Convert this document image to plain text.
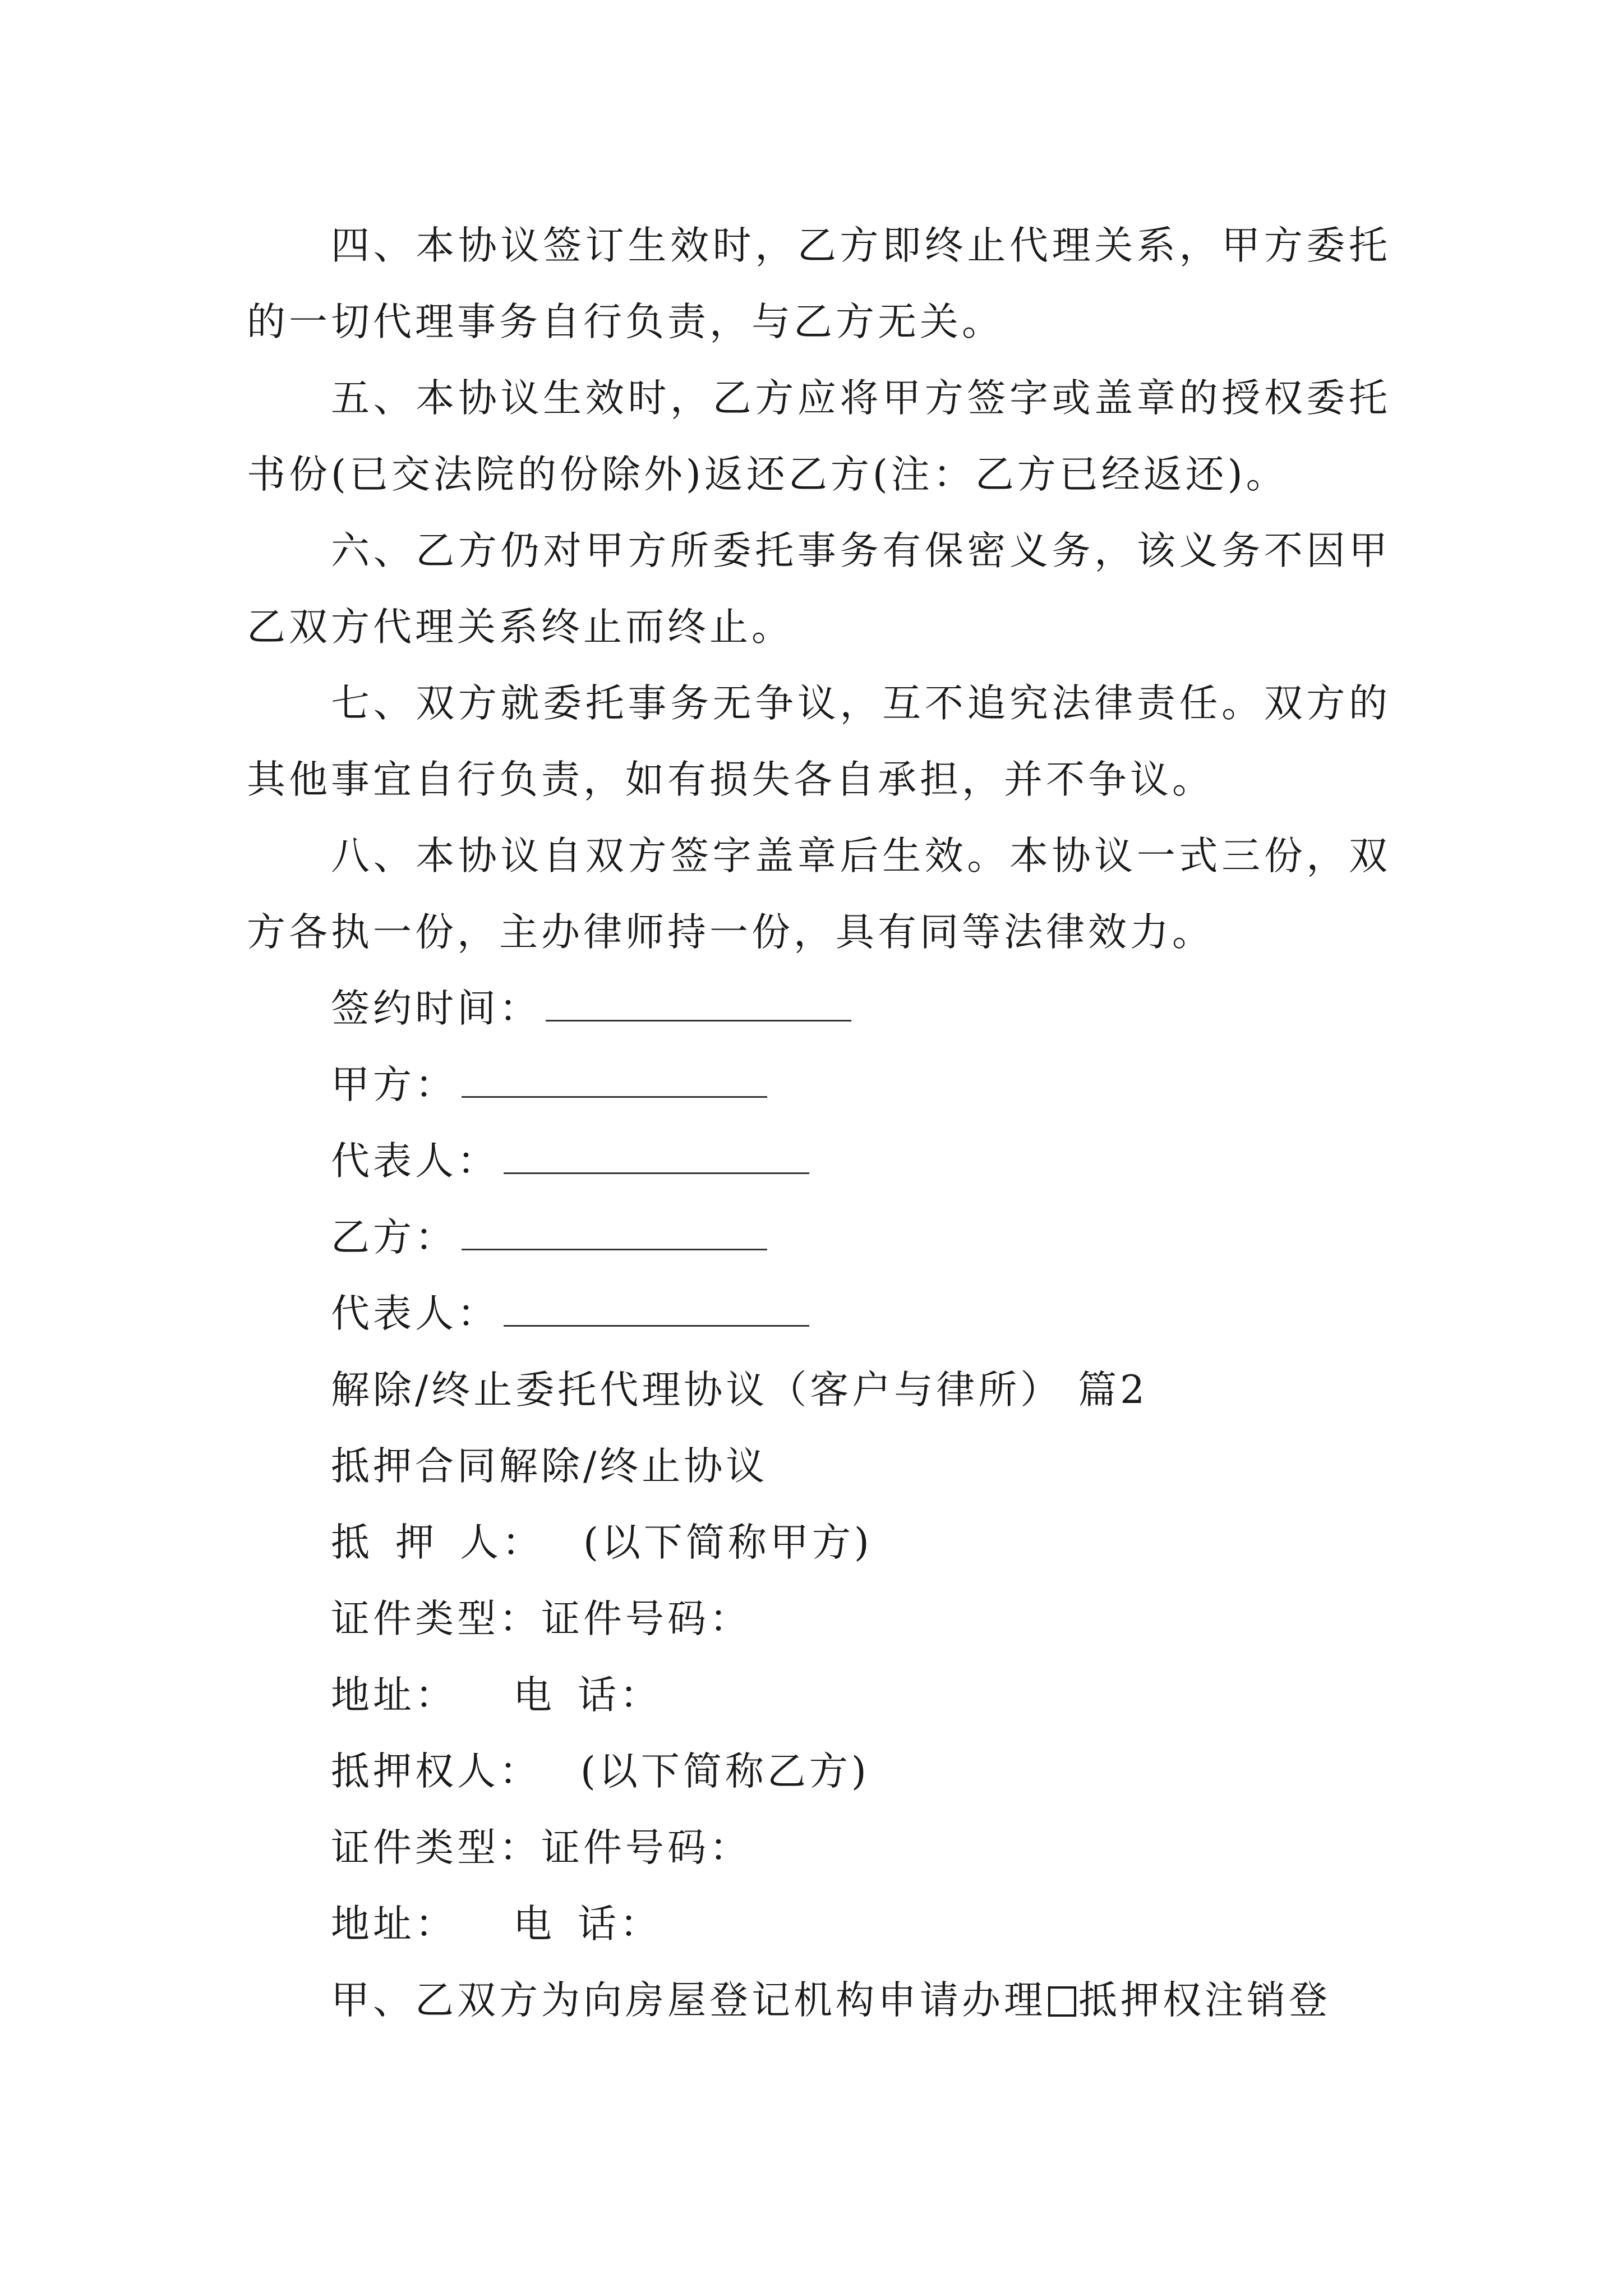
四、本协议签订生效时，乙方即终止代理关系，甲方委托的一切代理事务自行负责，与乙方无关。

五、本协议生效时，乙方应将甲方签字或盖章的授权委托书份(已交法院的份除外)返还乙方(注：乙方已经返还)。

六、乙方仍对甲方所委托事务有保密义务，该义务不因甲乙双方代理关系终止而终止。

七、双方就委托事务无争议，互不追究法律责任。双方的其他事宜自行负责，如有损失各自承担，并不争议。

八、本协议自双方签字盖章后生效。本协议一式三份，双方各执一份，主办律师持一份，具有同等法律效力。

签约时间：

甲方：

代表人：

乙方：

代表人：

解除/终止委托代理协议（客户与律所） 篇2

抵押合同解除/终止协议

抵 押 人： (以下简称甲方)

证件类型：证件号码：

地址： 电 话：

抵押权人： (以下简称乙方)

证件类型：证件号码：

地址： 电 话：

甲、乙双方为向房屋登记机构申请办理 抵押权注销登
